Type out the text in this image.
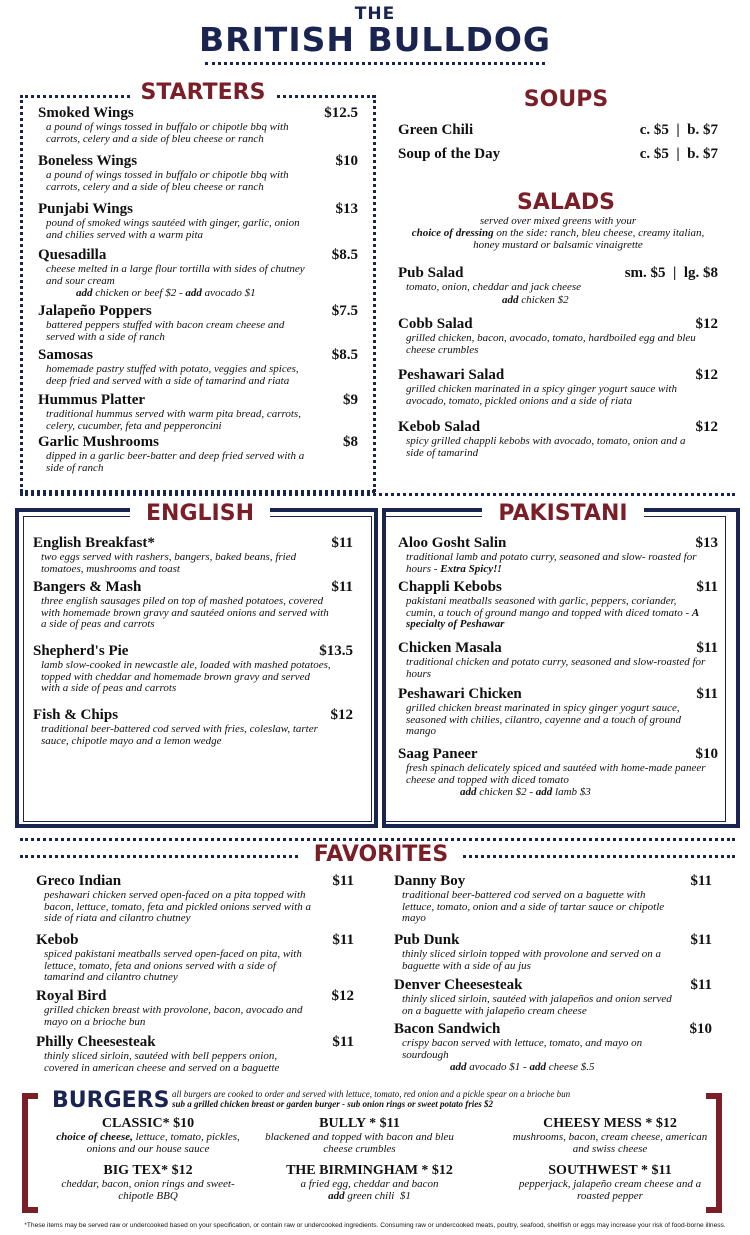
THE
BRITISH BULLDOG
STARTERS
Smoked Wings	$12.5
a pound of wings tossed in buffalo or chipotle bbq with carrots, celery and a side of bleu cheese or ranch
Boneless Wings	$10
a pound of wings tossed in buffalo or chipotle bbq with carrots, celery and a side of bleu cheese or ranch
Punjabi Wings	$13
pound of smoked wings sautéed with ginger, garlic, onion and chilies served with a warm pita
Quesadilla	$8.5
cheese melted in a large flour tortilla with sides of chutney and sour cream
add chicken or beef $2 - add avocado $1
Jalapeño Poppers	$7.5
battered peppers stuffed with bacon cream cheese and served with a side of ranch
Samosas	$8.5
homemade pastry stuffed with potato, veggies and spices, deep fried and served with a side of tamarind and riata
Hummus Platter	$9
traditional hummus served with warm pita bread, carrots, celery, cucumber, feta and pepperoncini
Garlic Mushrooms	$8
dipped in a garlic beer-batter and deep fried served with a side of ranch
SOUPS
Green Chili	c. $5  |  b. $7
Soup of the Day	c. $5  |  b. $7
SALADS
served over mixed greens with your
choice of dressing on the side: ranch, bleu cheese, creamy italian, honey mustard or balsamic vinaigrette
Pub Salad	sm. $5  |  lg. $8
tomato, onion, cheddar and jack cheese
add chicken $2
Cobb Salad	$12
grilled chicken, bacon, avocado, tomato, hardboiled egg and bleu cheese crumbles
Peshawari Salad	$12
grilled chicken marinated in a spicy ginger yogurt sauce with avocado, tomato, pickled onions and a side of riata
Kebob Salad	$12
spicy grilled chappli kebobs with avocado, tomato, onion and a side of tamarind
ENGLISH
English Breakfast*	$11
two eggs served with rashers, bangers, baked beans, fried tomatoes, mushrooms and toast
Bangers & Mash	$11
three english sausages piled on top of mashed potatoes, covered with homemade brown gravy and sautéed onions and served with a side of peas and carrots
Shepherd's Pie	$13.5
lamb slow-cooked in newcastle ale, loaded with mashed potatoes, topped with cheddar and homemade brown gravy and served with a side of peas and carrots
Fish & Chips	$12
traditional beer-battered cod served with fries, coleslaw, tarter sauce, chipotle mayo and a lemon wedge
PAKISTANI
Aloo Gosht Salin	$13
traditional lamb and potato curry, seasoned and slow- roasted for hours - Extra Spicy!!
Chappli Kebobs	$11
pakistani meatballs seasoned with garlic, peppers, coriander, cumin, a touch of ground mango and topped with diced tomato - A specialty of Peshawar
Chicken Masala	$11
traditional chicken and potato curry, seasoned and slow-roasted for hours
Peshawari Chicken	$11
grilled chicken breast marinated in spicy ginger yogurt sauce, seasoned with chilies, cilantro, cayenne and a touch of ground mango
Saag Paneer	$10
fresh spinach delicately spiced and sautéed with home-made paneer cheese and topped with diced tomato
add chicken $2 - add lamb $3
FAVORITES
Greco Indian	$11
peshawari chicken served open-faced on a pita topped with bacon, lettuce, tomato, feta and pickled onions served with a side of riata and cilantro chutney
Kebob	$11
spiced pakistani meatballs served open-faced on pita, with lettuce, tomato, feta and onions served with a side of tamarind and cilantro chutney
Royal Bird	$12
grilled chicken breast with provolone, bacon, avocado and mayo on a brioche bun
Philly Cheesesteak	$11
thinly sliced sirloin, sautéed with bell peppers onion, covered in american cheese and served on a baguette
Danny Boy	$11
traditional beer-battered cod served on a baguette with lettuce, tomato, onion and a side of tartar sauce or chipotle mayo
Pub Dunk	$11
thinly sliced sirloin topped with provolone and served on a baguette with a side of au jus
Denver Cheesesteak	$11
thinly sliced sirloin, sautéed with jalapeños and onion served on a baguette with jalapeño cream cheese
Bacon Sandwich	$10
crispy bacon served with lettuce, tomato, and mayo on sourdough
add avocado $1 - add cheese $.5
BURGERS all burgers are cooked to order and served with lettuce, tomato, red onion and a pickle spear on a brioche bun
sub a grilled chicken breast or garden burger - sub onion rings or sweet potato fries $2
CLASSIC* $10
choice of cheese, lettuce, tomato, pickles, onions and our house sauce
BULLY * $11
blackened and topped with bacon and bleu cheese crumbles
CHEESY MESS * $12
mushrooms, bacon, cream cheese, american and swiss cheese
BIG TEX* $12
cheddar, bacon, onion rings and sweet-chipotle BBQ
THE BIRMINGHAM * $12
a fried egg, cheddar and bacon
add green chili  $1
SOUTHWEST * $11
pepperjack, jalapeño cream cheese and a roasted pepper
*These items may be served raw or undercooked based on your specification, or contain raw or undercooked ingredients. Consuming raw or undercooked meats, poultry, seafood, shellfish or eggs may increase your risk of food-borne illness.
